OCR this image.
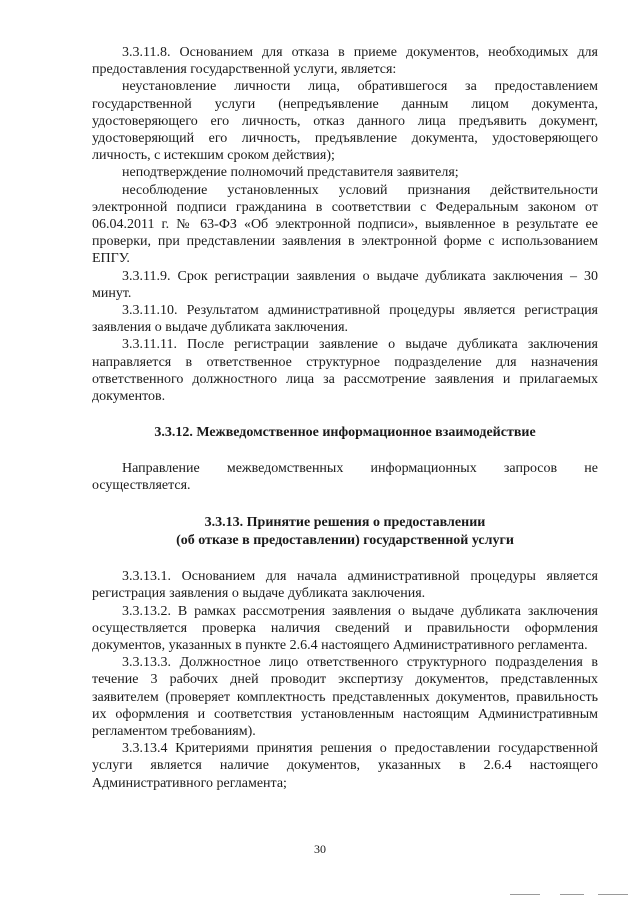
3.3.11.8. Основанием для отказа в приеме документов, необходимых для предоставления государственной услуги, является:

неустановление личности лица, обратившегося за предоставлением государственной услуги (непредъявление данным лицом документа, удостоверяющего его личность, отказ данного лица предъявить документ, удостоверяющий его личность, предъявление документа, удостоверяющего личность, с истекшим сроком действия);

неподтверждение полномочий представителя заявителя;

несоблюдение установленных условий признания действительности электронной подписи гражданина в соответствии с Федеральным законом от 06.04.2011 г. № 63-ФЗ «Об электронной подписи», выявленное в результате ее проверки, при представлении заявления в электронной форме с использованием ЕПГУ.

3.3.11.9. Срок регистрации заявления о выдаче дубликата заключения – 30 минут.

3.3.11.10. Результатом административной процедуры является регистрация заявления о выдаче дубликата заключения.

3.3.11.11. После регистрации заявление о выдаче дубликата заключения направляется в ответственное структурное подразделение для назначения ответственного должностного лица за рассмотрение заявления и прилагаемых документов.

3.3.12. Межведомственное информационное взаимодействие

Направление межведомственных информационных запросов не осуществляется.

3.3.13. Принятие решения о предоставлении

(об отказе в предоставлении) государственной услуги

3.3.13.1. Основанием для начала административной процедуры является регистрация заявления о выдаче дубликата заключения.

3.3.13.2. В рамках рассмотрения заявления о выдаче дубликата заключения осуществляется проверка наличия сведений и правильности оформления документов, указанных в пункте 2.6.4 настоящего Административного регламента.

3.3.13.3. Должностное лицо ответственного структурного подразделения в течение 3 рабочих дней проводит экспертизу документов, представленных заявителем (проверяет комплектность представленных документов, правильность их оформления и соответствия установленным настоящим Административным регламентом требованиям).

3.3.13.4 Критериями принятия решения о предоставлении государственной услуги является наличие документов, указанных в 2.6.4 настоящего Административного регламента;

30
